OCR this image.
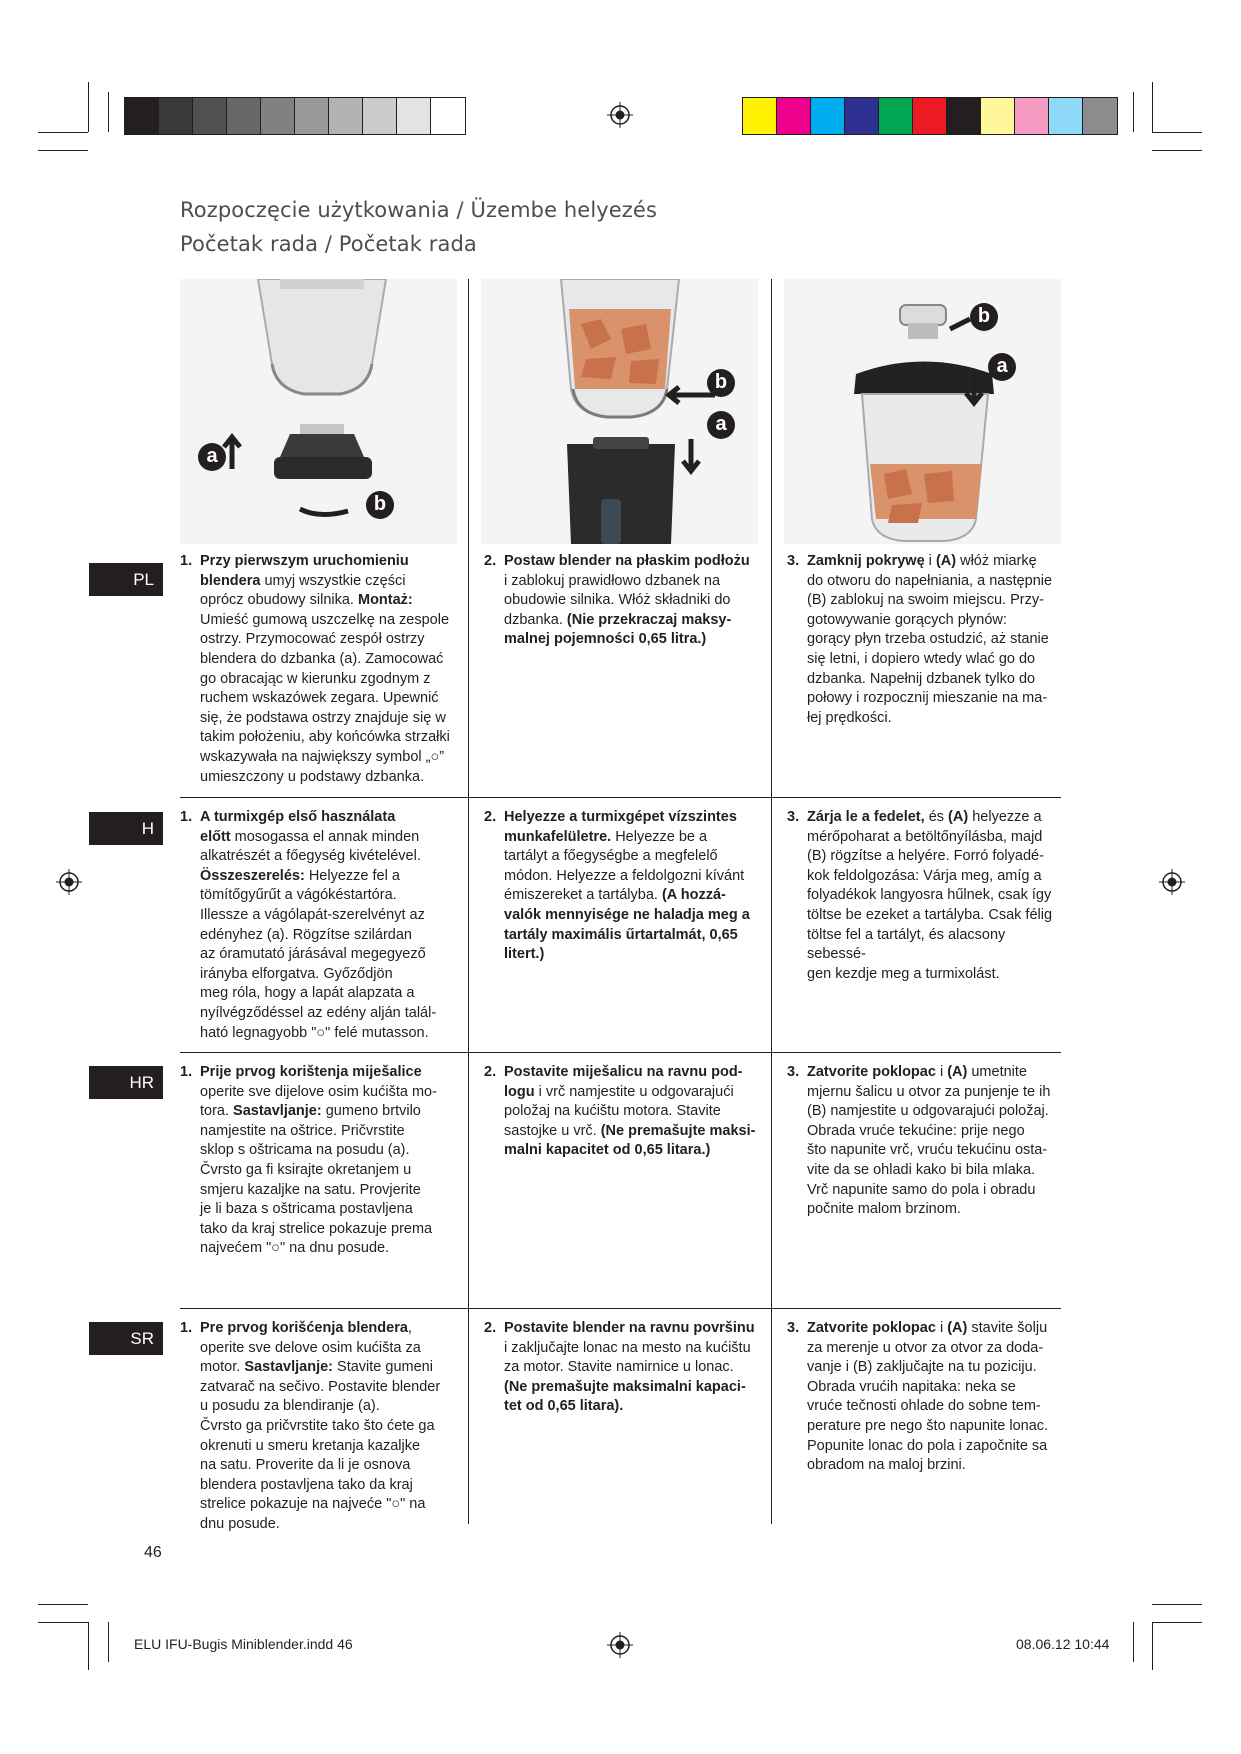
Rozpoczęcie użytkowania / Üzembe helyezés
Početak rada / Početak rada
a
b
b
a
b
a
PL
H
HR
SR
1. Przy pierwszym uruchomieniu
blendera umyj wszystkie części
oprócz obudowy silnika. Montaż:
Umieść gumową uszczelkę na zespole
ostrzy. Przymocować zespół ostrzy
blendera do dzbanka (a). Zamocować
go obracając w kierunku zgodnym z
ruchem wskazówek zegara. Upewnić
się, że podstawa ostrzy znajduje się w
takim położeniu, aby końcówka strzałki
wskazywała na największy symbol „○”
umieszczony u podstawy dzbanka.
2. Postaw blender na płaskim podłożu
i zablokuj prawidłowo dzbanek na
obudowie silnika. Włóż składniki do
dzbanka. (Nie przekraczaj maksy-
malnej pojemności 0,65 litra.)
3. Zamknij pokrywę i (A) włóż miarkę
do otworu do napełniania, a następnie
(B) zablokuj na swoim miejscu. Przy-
gotowywanie gorących płynów:
gorący płyn trzeba ostudzić, aż stanie
się letni, i dopiero wtedy wlać go do
dzbanka. Napełnij dzbanek tylko do
połowy i rozpocznij mieszanie na ma-
łej prędkości.
1. A turmixgép első használata
előtt mosogassa el annak minden
alkatrészét a főegység kivételével.
Összeszerelés: Helyezze fel a
tömítőgyűrűt a vágókéstartóra.
Illessze a vágólapát-szerelvényt az
edényhez (a). Rögzítse szilárdan
az óramutató járásával megegyező
irányba elforgatva. Győződjön
meg róla, hogy a lapát alapzata a
nyílvégződéssel az edény alján talál-
ható legnagyobb "○" felé mutasson.
2. Helyezze a turmixgépet vízszintes
munkafelületre. Helyezze be a
tartályt a főegységbe a megfelelő
módon. Helyezze a feldolgozni kívánt
émiszereket a tartályba. (A hozzá-
valók mennyisége ne haladja meg a
tartály maximális űrtartalmát, 0,65
litert.)
3. Zárja le a fedelet, és (A) helyezze a
mérőpoharat a betöltőnyílásba, majd
(B) rögzítse a helyére. Forró folyadé-
kok feldolgozása: Várja meg, amíg a
folyadékok langyosra hűlnek, csak így
töltse be ezeket a tartályba. Csak félig
töltse fel a tartályt, és alacsony sebessé-
gen kezdje meg a turmixolást.
1. Prije prvog korištenja miješalice
operite sve dijelove osim kućišta mo-
tora. Sastavljanje: gumeno brtvilo
namjestite na oštrice. Pričvrstite
sklop s oštricama na posudu (a).
Čvrsto ga fi ksirajte okretanjem u
smjeru kazaljke na satu. Provjerite
je li baza s oštricama postavljena
tako da kraj strelice pokazuje prema
najvećem "○" na dnu posude.
2. Postavite miješalicu na ravnu pod-
logu i vrč namjestite u odgovarajući
položaj na kućištu motora. Stavite
sastojke u vrč. (Ne premašujte maksi-
malni kapacitet od 0,65 litara.)
3. Zatvorite poklopac i (A) umetnite
mjernu šalicu u otvor za punjenje te ih
(B) namjestite u odgovarajući položaj.
Obrada vruće tekućine: prije nego
što napunite vrč, vruću tekućinu osta-
vite da se ohladi kako bi bila mlaka.
Vrč napunite samo do pola i obradu
počnite malom brzinom.
1. Pre prvog korišćenja blendera,
operite sve delove osim kućišta za
motor. Sastavljanje: Stavite gumeni
zatvarač na sečivo. Postavite blender
u posudu za blendiranje (a).
Čvrsto ga pričvrstite tako što ćete ga
okrenuti u smeru kretanja kazaljke
na satu. Proverite da li je osnova
blendera postavljena tako da kraj
strelice pokazuje na najveće "○" na
dnu posude.
2. Postavite blender na ravnu površinu
i zaključajte lonac na mesto na kućištu
za motor. Stavite namirnice u lonac.
(Ne premašujte maksimalni kapaci-
tet od 0,65 litara).
3. Zatvorite poklopac i (A) stavite šolju
za merenje u otvor za otvor za doda-
vanje i (B) zaključajte na tu poziciju.
Obrada vrućih napitaka: neka se
vruće tečnosti ohlade do sobne tem-
perature pre nego što napunite lonac.
Popunite lonac do pola i započnite sa
obradom na maloj brzini.
46
ELU IFU-Bugis Miniblender.indd 46	08.06.12 10:44
